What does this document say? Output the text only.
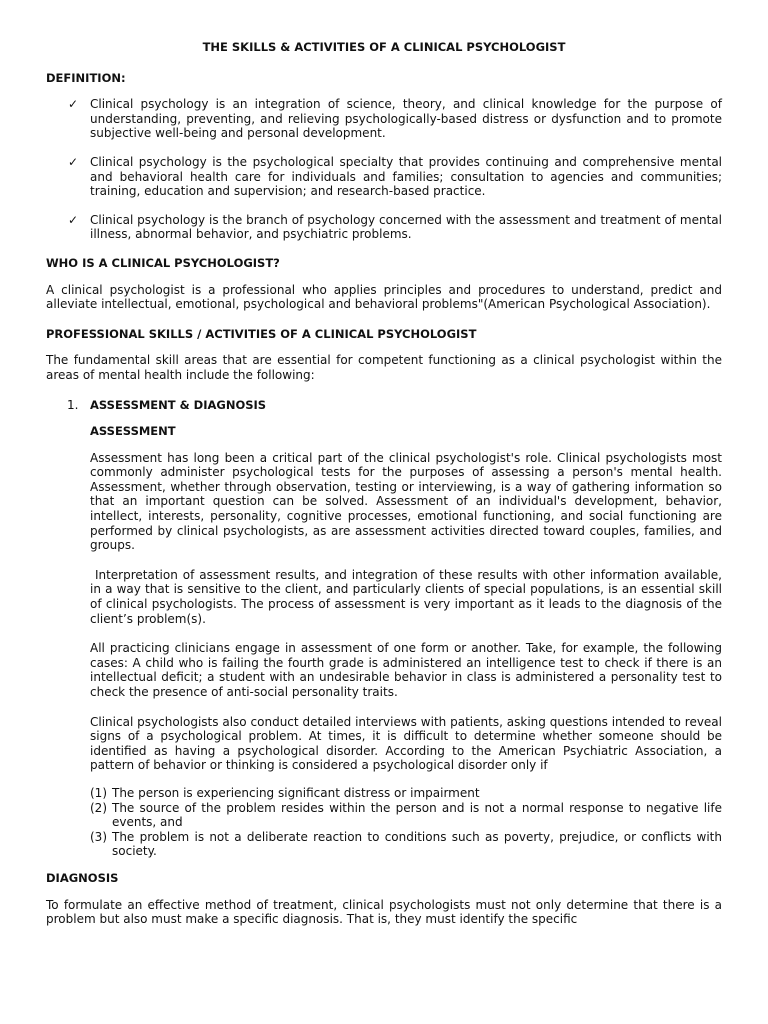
THE SKILLS & ACTIVITIES OF A CLINICAL PSYCHOLOGIST
DEFINITION:
✓ Clinical psychology is an integration of science, theory, and clinical knowledge for the purpose of understanding, preventing, and relieving psychologically-based distress or dysfunction and to promote subjective well-being and personal development.
✓ Clinical psychology is the psychological specialty that provides continuing and comprehensive mental and behavioral health care for individuals and families; consultation to agencies and communities; training, education and supervision; and research-based practice.
✓ Clinical psychology is the branch of psychology concerned with the assessment and treatment of mental illness, abnormal behavior, and psychiatric problems.
WHO IS A CLINICAL PSYCHOLOGIST?

A clinical psychologist is a professional who applies principles and procedures to understand, predict and alleviate intellectual, emotional, psychological and behavioral problems"(American Psychological Association).

PROFESSIONAL SKILLS / ACTIVITIES OF A CLINICAL PSYCHOLOGIST

The fundamental skill areas that are essential for competent functioning as a clinical psychologist within the areas of mental health include the following:

1. ASSESSMENT & DIAGNOSIS
ASSESSMENT

Assessment has long been a critical part of the clinical psychologist's role. Clinical psychologists most commonly administer psychological tests for the purposes of assessing a person's mental health. Assessment, whether through observation, testing or interviewing, is a way of gathering information so that an important question can be solved. Assessment of an individual's development, behavior, intellect, interests, personality, cognitive processes, emotional functioning, and social functioning are performed by clinical psychologists, as are assessment activities directed toward couples, families, and groups.

Interpretation of assessment results, and integration of these results with other information available, in a way that is sensitive to the client, and particularly clients of special populations, is an essential skill of clinical psychologists. The process of assessment is very important as it leads to the diagnosis of the client’s problem(s).

All practicing clinicians engage in assessment of one form or another. Take, for example, the following cases: A child who is failing the fourth grade is administered an intelligence test to check if there is an intellectual deficit; a student with an undesirable behavior in class is administered a personality test to check the presence of anti-social personality traits.

Clinical psychologists also conduct detailed interviews with patients, asking questions intended to reveal signs of a psychological problem. At times, it is difficult to determine whether someone should be identified as having a psychological disorder. According to the American Psychiatric Association, a pattern of behavior or thinking is considered a psychological disorder only if

(1) The person is experiencing significant distress or impairment
(2) The source of the problem resides within the person and is not a normal response to negative life events, and
(3) The problem is not a deliberate reaction to conditions such as poverty, prejudice, or conflicts with society.
DIAGNOSIS

To formulate an effective method of treatment, clinical psychologists must not only determine that there is a problem but also must make a specific diagnosis. That is, they must identify the specific
